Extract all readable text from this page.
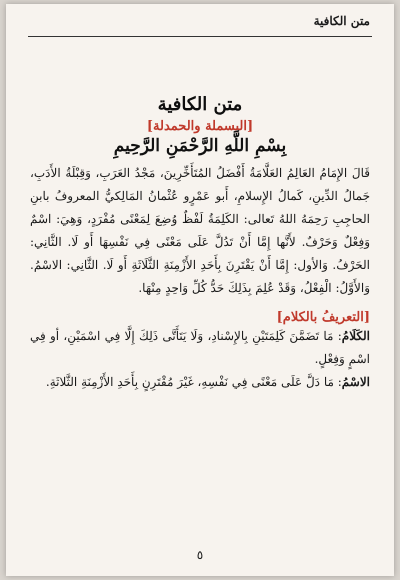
متن الكافية
متن الكافية
[البسملة والحمدلة]
بِسْمِ اللَّهِ الرَّحْمَنِ الرَّحِيمِ

قَالَ الإِمَامُ العَالِمُ العَلَّامَةُ أَفْضَلُ المُتَأَخِّرِينَ، مَجْدُ العَرَبِ، وَقِبْلَةُ الأَدَبِ، جَمالُ الدِّينِ، كَمالُ الإِسلامِ، أَبو عَمْرٍو عُثْمانُ المَالِكيُّ المعروفُ بابنِ الحاجِبِ رَحِمَهُ اللهُ تَعالى: الكَلِمَةُ لَفْظٌ وُضِعَ لِمَعْنًى مُفْرَدٍ، وَهِيَ: اسْمٌ وَفِعْلٌ وَحَرْفٌ. لأَنَّها إِمَّا أَنْ تَدُلَّ عَلَى مَعْنًى فِي نَفْسِهَا أَو لَا. الثَّانِي: الحَرْفُ. وَالأول: إِمَّا أَنْ يَقْتَرِنَ بِأَحَدِ الأَزْمِنَةِ الثَّلَاثَةِ أَو لَا. الثَّانِي: الاسْمُ. وَالأَوَّلُ: الْفِعْلُ، وَقَدْ عُلِمَ بِذَلِكَ حَدُّ كُلِّ وَاحِدٍ مِنْهَا.

[التعريفُ بالكلام]

الكَلَامُ: مَا تَضَمَّنَ كَلِمَتَيْنِ بِالإِسْنادِ، وَلَا يَتَأَتَّى ذَلِكَ إِلَّا فِي اسْمَيْنِ، أو فِي اسْمٍ وَفِعْلٍ.

الاسْمُ: مَا دَلَّ عَلَى مَعْنًى فِي نَفْسِهِ، غَيْرَ مُقْتَرِنٍ بِأَحَدِ الأَزْمِنَةِ الثَّلاثَةِ.

٥
